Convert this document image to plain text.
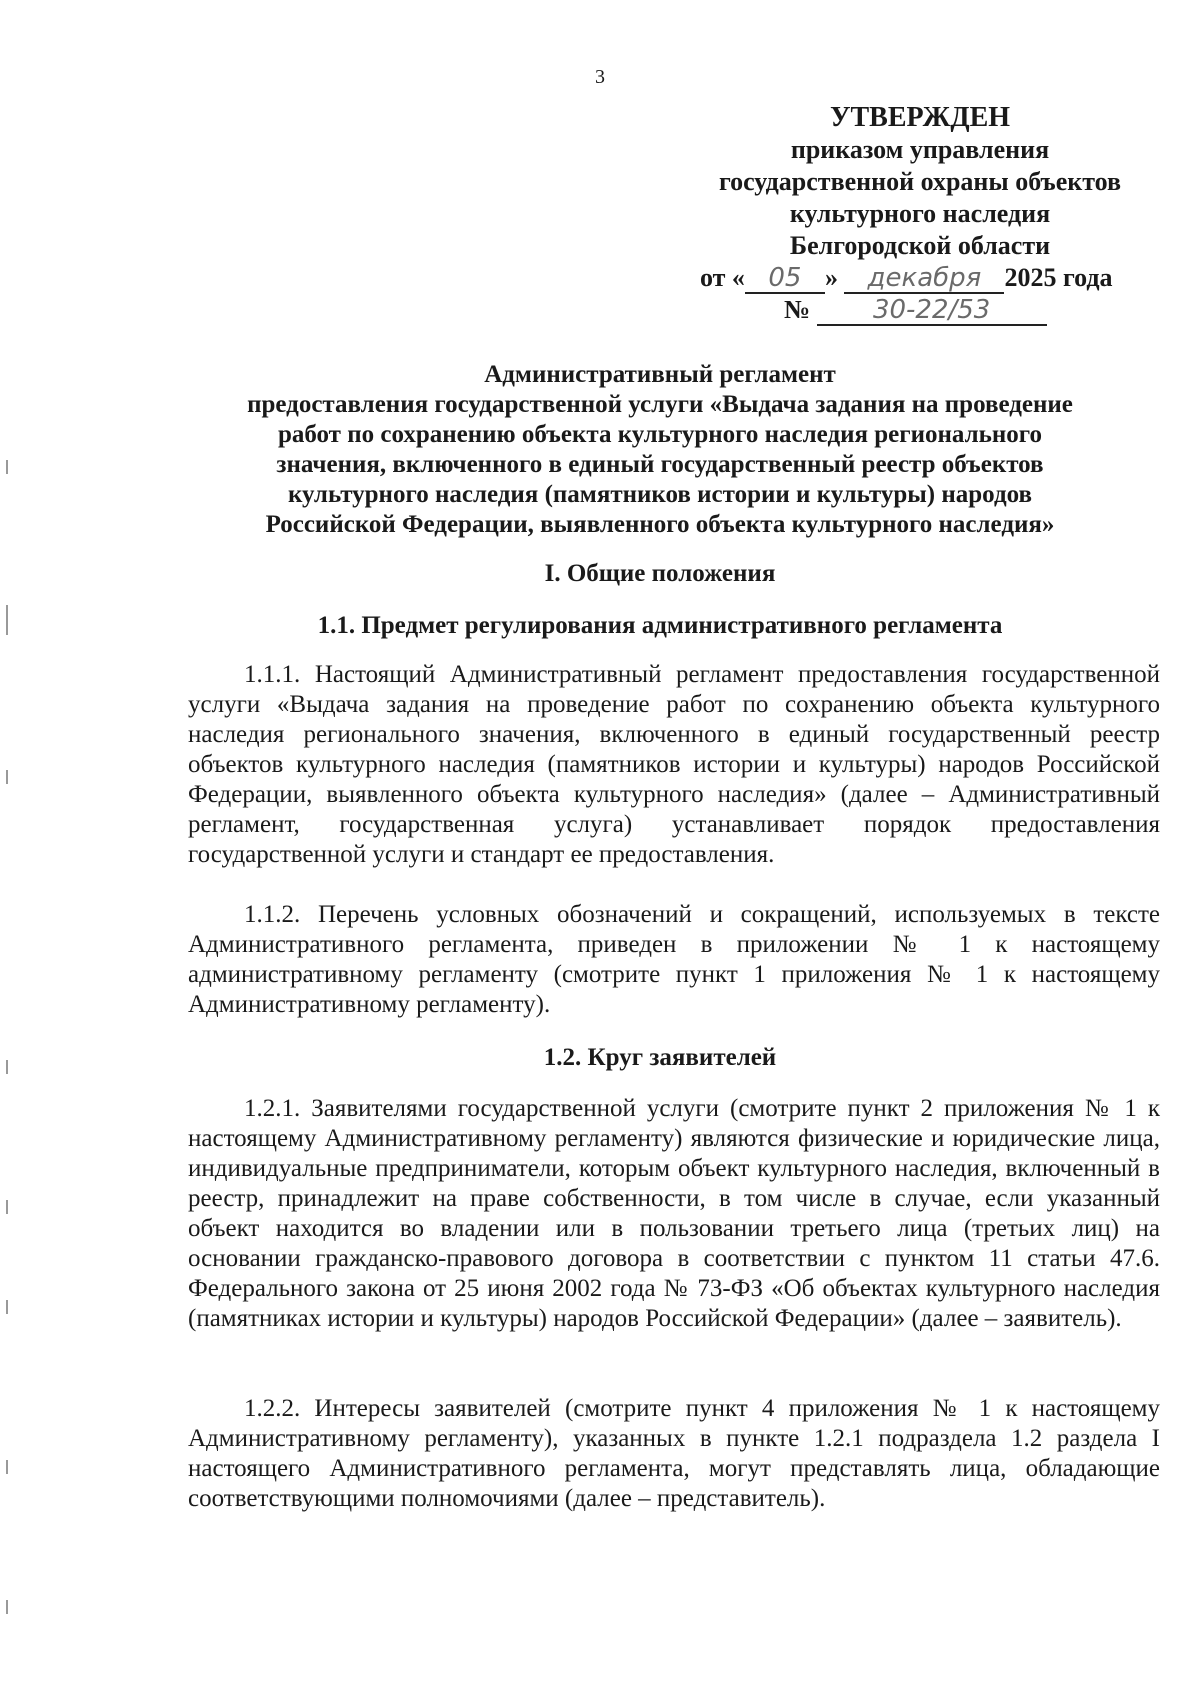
3
УТВЕРЖДЕН
приказом управления
государственной охраны объектов
культурного наследия
Белгородской области
от « 05 » декабря 2025 года
№ 30-22/53
Административный регламент
предоставления государственной услуги «Выдача задания на проведение
работ по сохранению объекта культурного наследия регионального
значения, включенного в единый государственный реестр объектов
культурного наследия (памятников истории и культуры) народов
Российской Федерации, выявленного объекта культурного наследия»
I. Общие положения
1.1. Предмет регулирования административного регламента
1.1.1. Настоящий Административный регламент предоставления государственной услуги «Выдача задания на проведение работ по сохранению объекта культурного наследия регионального значения, включенного в единый государственный реестр объектов культурного наследия (памятников истории и культуры) народов Российской Федерации, выявленного объекта культурного наследия» (далее – Административный регламент, государственная услуга) устанавливает порядок предоставления государственной услуги и стандарт ее предоставления.
1.1.2. Перечень условных обозначений и сокращений, используемых в тексте Административного регламента, приведен в приложении № 1 к настоящему административному регламенту (смотрите пункт 1 приложения № 1 к настоящему Административному регламенту).
1.2. Круг заявителей
1.2.1. Заявителями государственной услуги (смотрите пункт 2 приложения № 1 к настоящему Административному регламенту) являются физические и юридические лица, индивидуальные предприниматели, которым объект культурного наследия, включенный в реестр, принадлежит на праве собственности, в том числе в случае, если указанный объект находится во владении или в пользовании третьего лица (третьих лиц) на основании гражданско-правового договора в соответствии с пунктом 11 статьи 47.6. Федерального закона от 25 июня 2002 года № 73-ФЗ «Об объектах культурного наследия (памятниках истории и культуры) народов Российской Федерации» (далее – заявитель).
1.2.2. Интересы заявителей (смотрите пункт 4 приложения № 1 к настоящему Административному регламенту), указанных в пункте 1.2.1 подраздела 1.2 раздела I настоящего Административного регламента, могут представлять лица, обладающие соответствующими полномочиями (далее – представитель).
